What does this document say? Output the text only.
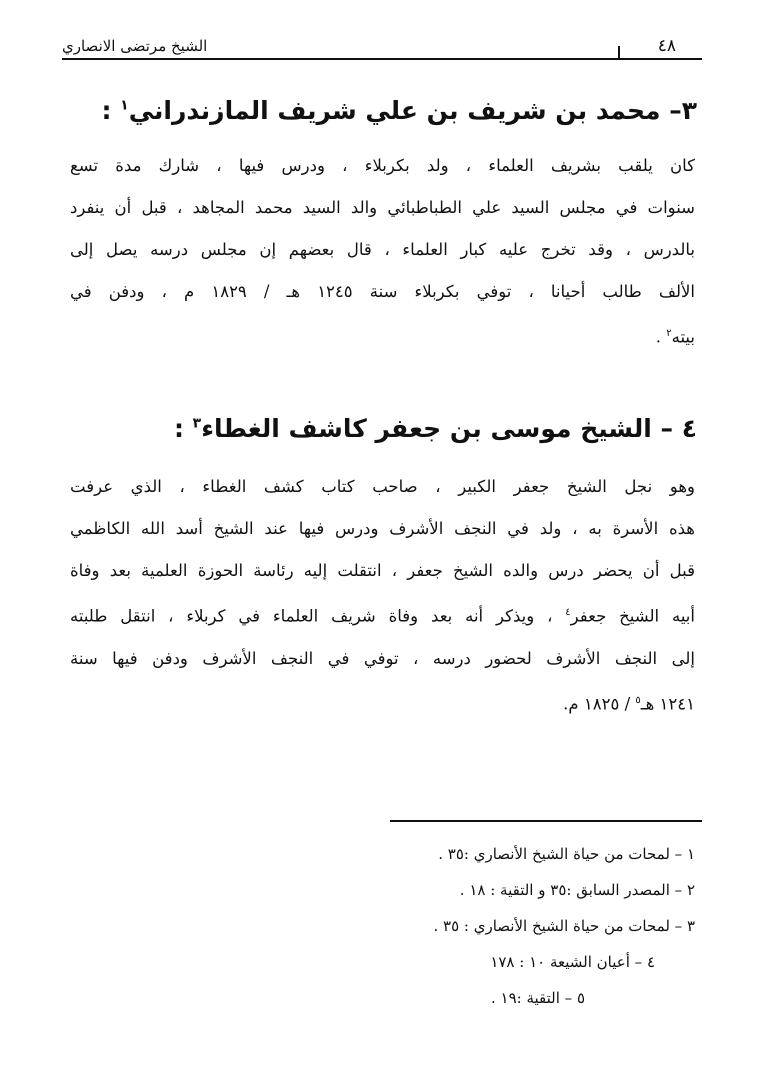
٤٨
الشيخ مرتضى الانصاري
٣– محمد بن شريف بن علي شريف المازندراني$^١$ :
كان يلقب بشريف العلماء ، ولد بكربلاء ، ودرس فيها ، شارك مدة تسع
سنوات في مجلس السيد علي الطباطبائي والد السيد محمد المجاهد ، قبل أن ينفرد
بالدرس ، وقد تخرج عليه كبار العلماء ، قال بعضهم إن مجلس درسه يصل إلى
الألف طالب أحيانا ، توفي بكربلاء سنة ١٢٤٥ هـ / ١٨٢٩ م ، ودفن في
بيته$^٢$ .
٤ – الشيخ موسى بن جعفر كاشف الغطاء$^٣$ :
وهو نجل الشيخ جعفر الكبير ، صاحب كتاب كشف الغطاء ، الذي عرفت
هذه الأسرة به ، ولد في النجف الأشرف ودرس فيها عند الشيخ أسد الله الكاظمي
قبل أن يحضر درس والده الشيخ جعفر ، انتقلت إليه رئاسة الحوزة العلمية بعد وفاة
أبيه الشيخ جعفر$^٤$ ، ويذكر أنه بعد وفاة شريف العلماء في كربلاء ، انتقل طلبته
إلى النجف الأشرف لحضور درسه ، توفي في النجف الأشرف ودفن فيها سنة
١٢٤١ هـ$^٥$ / ١٨٢٥ م.
١ – لمحات من حياة الشيخ الأنصاري :٣٥ .
٢ – المصدر السابق :٣٥ و التقية : ١٨ .
٣ – لمحات من حياة الشيخ الأنصاري : ٣٥ .
٤ – أعيان الشيعة ١٠ : ١٧٨
٥ – التقية :١٩ .
